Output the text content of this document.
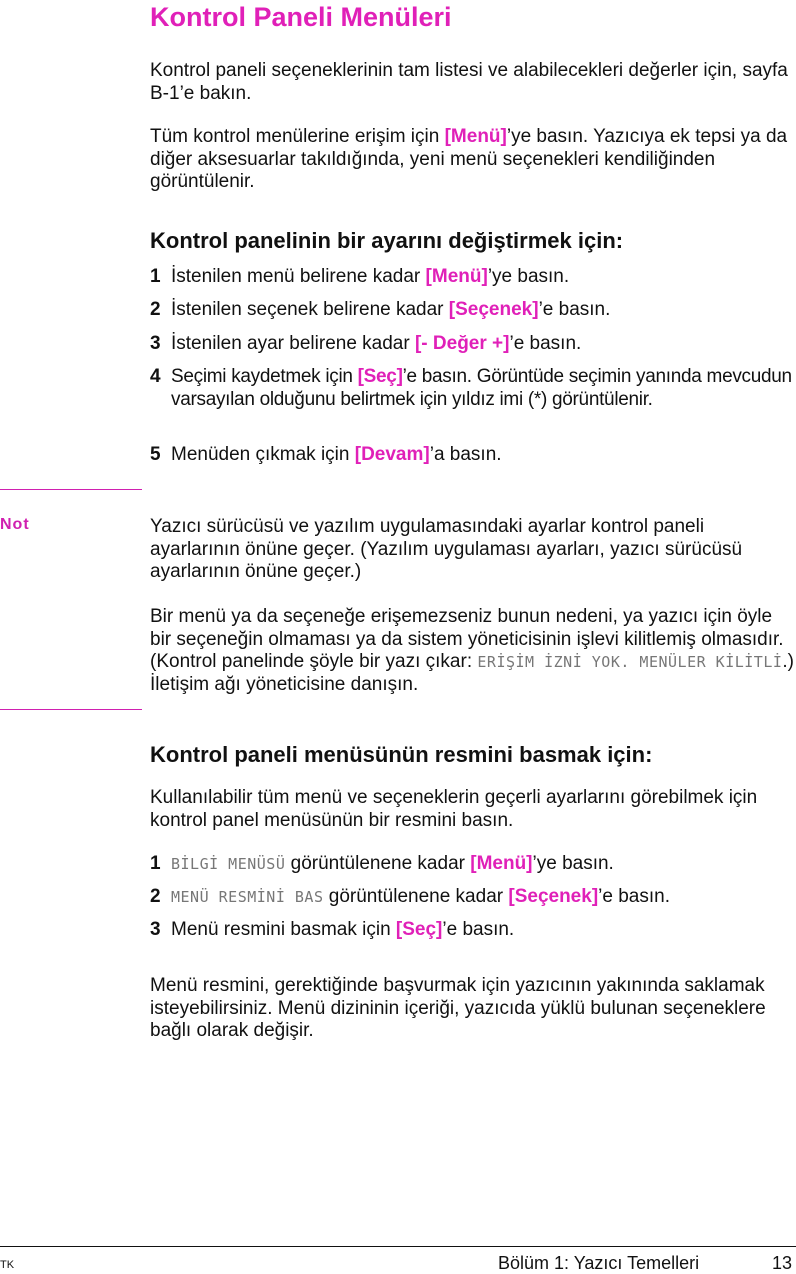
Kontrol Paneli Menüleri
Kontrol paneli seçeneklerinin tam listesi ve alabilecekleri değerler için, sayfa B-1’e bakın.
Tüm kontrol menülerine erişim için [Menü]’ye basın. Yazıcıya ek tepsi ya da diğer aksesuarlar takıldığında, yeni menü seçenekleri kendiliğinden görüntülenir.
Kontrol panelinin bir ayarını değiştirmek için:
1 İstenilen menü belirene kadar [Menü]’ye basın.
2 İstenilen seçenek belirene kadar [Seçenek]’e basın.
3 İstenilen ayar belirene kadar [- Değer +]’e basın.
4 Seçimi kaydetmek için [Seç]’e basın. Görüntüde seçimin yanında mevcudun varsayılan olduğunu belirtmek için yıldız imi (*) görüntülenir.
5 Menüden çıkmak için [Devam]’a basın.
Not	Yazıcı sürücüsü ve yazılım uygulamasındaki ayarlar kontrol paneli ayarlarının önüne geçer. (Yazılım uygulaması ayarları, yazıcı sürücüsü ayarlarının önüne geçer.)
Bir menü ya da seçeneğe erişemezseniz bunun nedeni, ya yazıcı için öyle bir seçeneğin olmaması ya da sistem yöneticisinin işlevi kilitlemiş olmasıdır. (Kontrol panelinde şöyle bir yazı çıkar: ERİŞİM İZNİ YOK. MENÜLER KİLİTLİ.) İletişim ağı yöneticisine danışın.
Kontrol paneli menüsünün resmini basmak için:
Kullanılabilir tüm menü ve seçeneklerin geçerli ayarlarını görebilmek için kontrol panel menüsünün bir resmini basın.
1 BİLGİ MENÜSÜ görüntülenene kadar [Menü]’ye basın.
2 MENÜ RESMİNİ BAS görüntülenene kadar [Seçenek]’e basın.
3 Menü resmini basmak için [Seç]’e basın.
Menü resmini, gerektiğinde başvurmak için yazıcının yakınında saklamak isteyebilirsiniz. Menü dizininin içeriği, yazıcıda yüklü bulunan seçeneklere bağlı olarak değişir.
TK	Bölüm 1: Yazıcı Temelleri	13
